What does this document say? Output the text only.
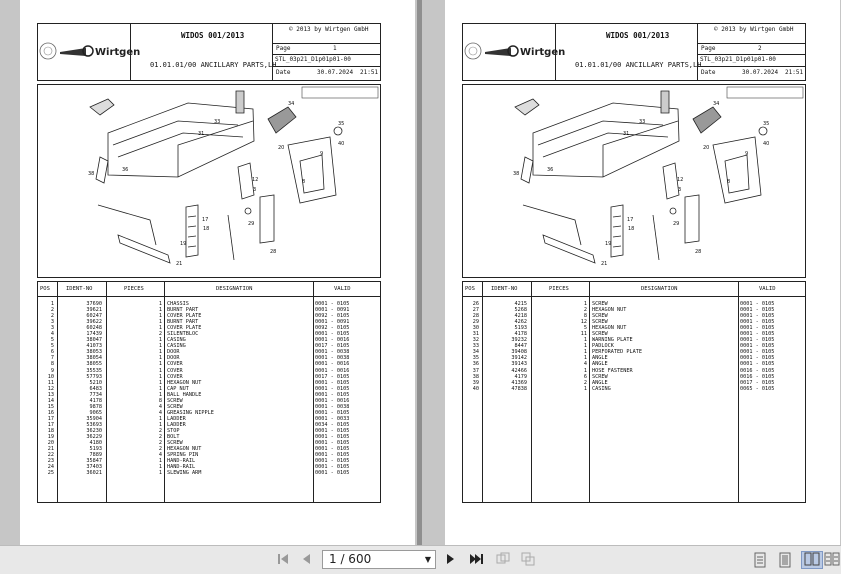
Wirtgen
WIDOS 001/2013
01.01.01/00 ANCILLARY PARTS,LH
© 2013 by Wirtgen GmbH
Page	1
STL_03p21_D1p01p01-00
Date	30.07.2024 21:51
34
35
33
31
20
8
9
12
3
17
19
18
29
21
36
38
28
40
POS	IDENT-NO	PIECES	DESIGNATION	VALID
1	37690	1 CHASSIS	0001 - 0105
2	39621	1 BURNT PART	0001 - 0091
2	60247	1 COVER PLATE	0092 - 0105
3	39622	1 BURNT PART	0001 - 0091
3	60248	1 COVER PLATE	0092 - 0105
4	17439	2 SILENTBLOC	0001 - 0105
5	38047	1 CASING	0001 - 0016
5	41073	1 CASING	0017 - 0105
6	38053	1 DOOR	0001 - 0038
7	38054	1 DOOR	0001 - 0038
8	38055	1 COVER	0001 - 0016
9	35535	1 COVER	0001 - 0016
10	57793	1 COVER	0017 - 0105
11	5210	1 HEXAGON NUT	0001 - 0105
12	6483	1 CAP NUT	0001 - 0105
13	7734	1 BALL HANDLE	0001 - 0105
14	4178	8 SCREW	0001 - 0016
15	9878	4 SCREW	0001 - 0038
16	9065	4 GREASING NIPPLE	0001 - 0105
17	35904	1 LADDER	0001 - 0033
17	53693	1 LADDER	0034 - 0105
18	36230	2 STOP	0001 - 0105
19	36229	2 BOLT	0001 - 0105
20	4180	2 SCREW	0001 - 0105
21	5193	2 HEXAGON NUT	0001 - 0105
22	7889	4 SPRING PIN	0001 - 0105
23	35847	1 HAND-RAIL	0001 - 0105
24	37403	1 HAND-RAIL	0001 - 0105
25	36021	1 SLEWING ARM	0001 - 0105
Wirtgen
WIDOS 001/2013
01.01.01/00 ANCILLARY PARTS,LH
© 2013 by Wirtgen GmbH
Page	2
STL_03p21_D1p01p01-00
Date	30.07.2024 21:51
34
35
33
31
20
8
9
12
3
17
19
18
29
21
36
38
28
40
POS	IDENT-NO	PIECES	DESIGNATION	VALID
26	4215	1 SCREW	0001 - 0105
27	5268	2 HEXAGON NUT	0001 - 0105
28	4218	8 SCREW	0001 - 0105
29	4262	12 SCREW	0001 - 0105
30	5193	5 HEXAGON NUT	0001 - 0105
31	4178	11 SCREW	0001 - 0105
32	39232	1 WARNING PLATE	0001 - 0105
33	8447	1 PADLOCK	0001 - 0105
34	39408	1 PERFORATED PLATE	0001 - 0105
35	39142	1 ANGLE	0001 - 0105
36	39143	4 ANGLE	0001 - 0105
37	42466	1 HOSE FASTENER	0016 - 0105
38	4179	6 SCREW	0016 - 0105
39	41369	2 ANGLE	0017 - 0105
40	47838	1 CASING	0065 - 0105
1 / 600	▼
